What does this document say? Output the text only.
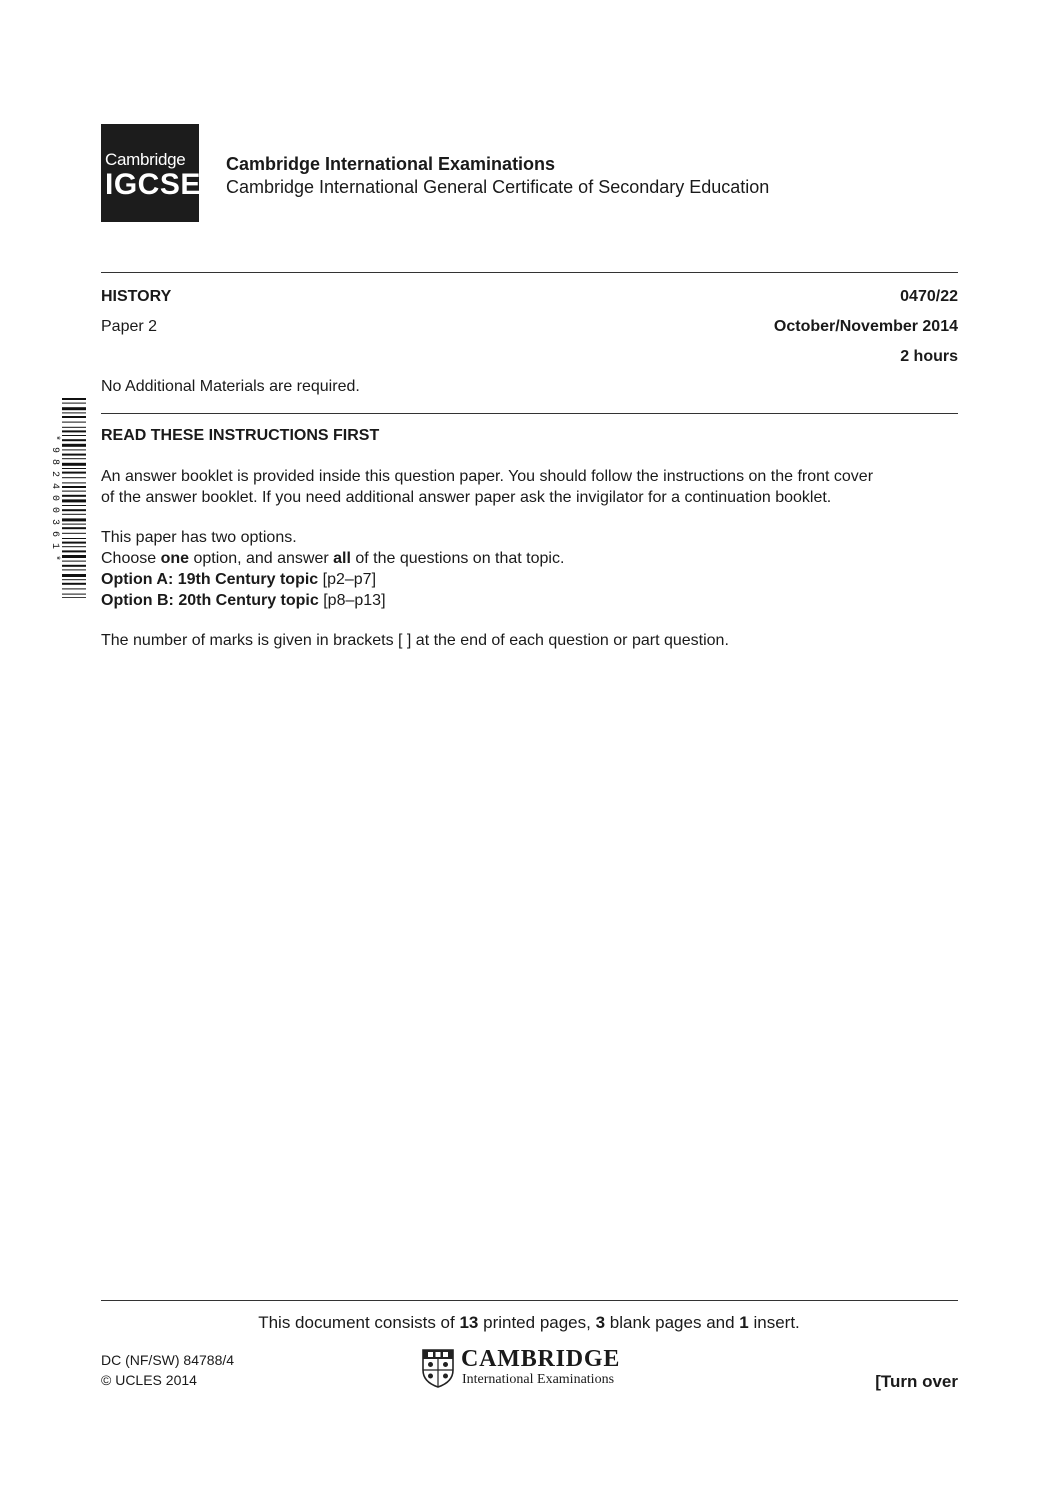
Cambridge
IGCSE
Cambridge International Examinations
Cambridge International General Certificate of Secondary Education
HISTORY	0470/22
Paper 2	October/November 2014
2 hours
No Additional Materials are required.
* 9 8 2 4 0 0 3 6 1 *	READ THESE INSTRUCTIONS FIRST
An answer booklet is provided inside this question paper. You should follow the instructions on the front cover
of the answer booklet. If you need additional answer paper ask the invigilator for a continuation booklet.
This paper has two options.
Choose one option, and answer all of the questions on that topic.
Option A: 19th Century topic [p2–p7]
Option B: 20th Century topic [p8–p13]
The number of marks is given in brackets [ ] at the end of each question or part question.
This document consists of 13 printed pages, 3 blank pages and 1 insert.
DC (NF/SW) 84788/4
© UCLES 2014
CAMBRIDGE
International Examinations	[Turn over
